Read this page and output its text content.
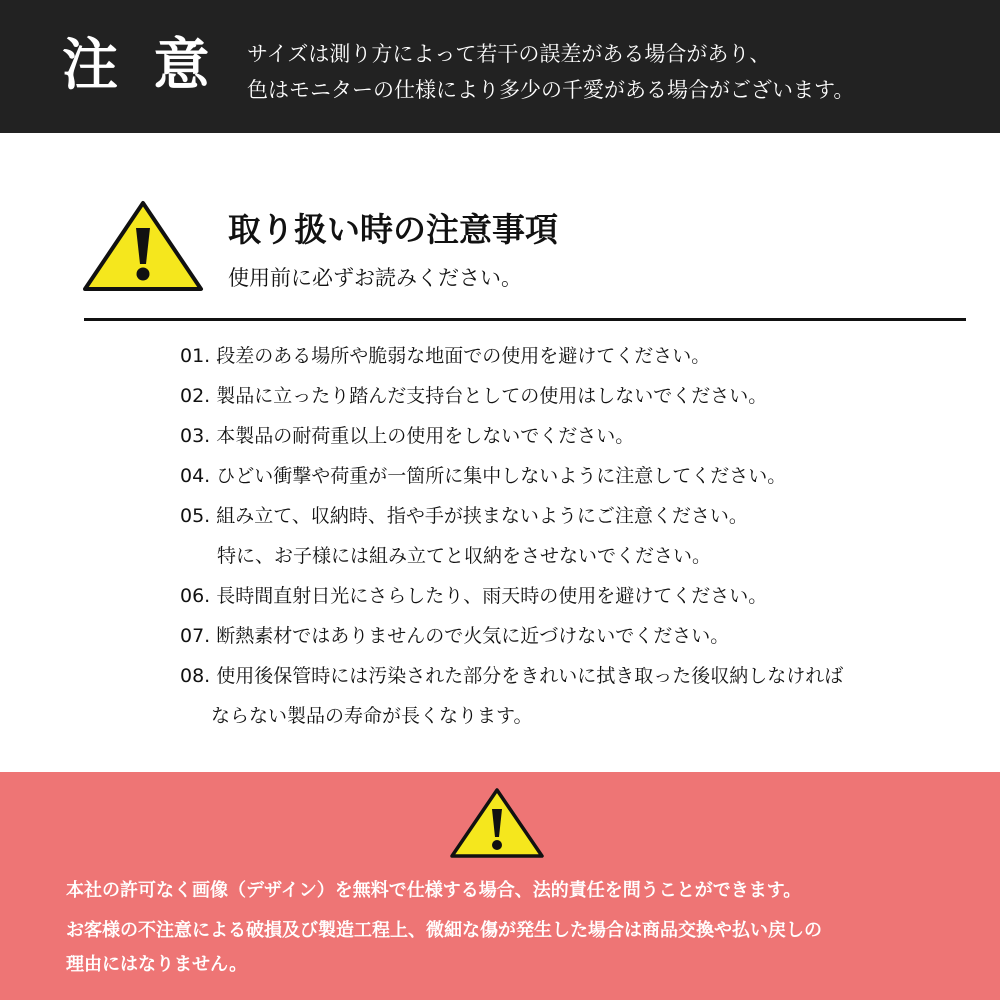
注 意 サイズは測り方によって若干の誤差がある場合があり、
色はモニターの仕様により多少の千愛がある場合がございます。
取り扱い時の注意事項
使用前に必ずお読みください。
01. 段差のある場所や脆弱な地面での使用を避けてください。
02. 製品に立ったり踏んだ支持台としての使用はしないでください。
03. 本製品の耐荷重以上の使用をしないでください。
04. ひどい衝撃や荷重が一箇所に集中しないように注意してください。
05. 組み立て、収納時、指や手が挟まないようにご注意ください。
特に、お子様には組み立てと収納をさせないでください。
06. 長時間直射日光にさらしたり、雨天時の使用を避けてください。
07. 断熱素材ではありませんので火気に近づけないでください。
08. 使用後保管時には汚染された部分をきれいに拭き取った後収納しなければ
ならない製品の寿命が長くなります。
本社の許可なく画像（デザイン）を無料で仕様する場合、法的責任を問うことができます。
お客様の不注意による破損及び製造工程上、微細な傷が発生した場合は商品交換や払い戻しの
理由にはなりません。
